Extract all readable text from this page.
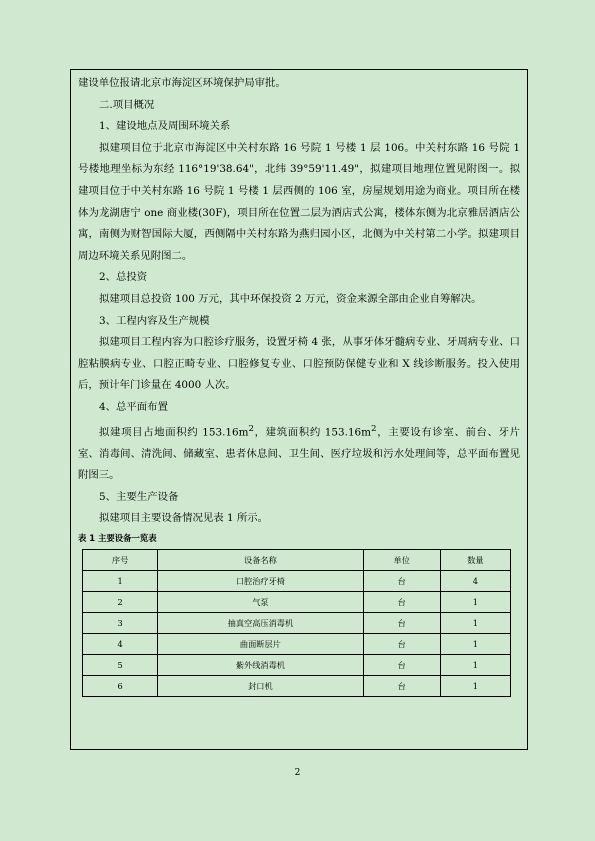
建设单位报请北京市海淀区环境保护局审批。

二.项目概况

1、建设地点及周围环境关系

拟建项目位于北京市海淀区中关村东路 16 号院 1 号楼 1 层 106。中关村东路 16 号院 1 号楼地理坐标为东经 116°19'38.64"，北纬 39°59'11.49"，拟建项目地理位置见附图一。拟建项目位于中关村东路 16 号院 1 号楼 1 层西侧的 106 室，房屋规划用途为商业。项目所在楼体为龙湖唐宁 one 商业楼(30F)，项目所在位置二层为酒店式公寓，楼体东侧为北京雅居酒店公寓，南侧为财智国际大厦，西侧隔中关村东路为燕归园小区，北侧为中关村第二小学。拟建项目周边环境关系见附图二。

2、总投资

拟建项目总投资 100 万元，其中环保投资 2 万元，资金来源全部由企业自筹解决。

3、工程内容及生产规模

拟建项目工程内容为口腔诊疗服务，设置牙椅 4 张，从事牙体牙髓病专业、牙周病专业、口腔粘膜病专业、口腔正畸专业、口腔修复专业、口腔预防保健专业和 X 线诊断服务。投入使用后，预计年门诊量在 4000 人次。

4、总平面布置

拟建项目占地面积约 $153.16m^2$，建筑面积约 $153.16m^2$，主要设有诊室、前台、牙片室、消毒间、清洗间、储藏室、患者休息间、卫生间、医疗垃圾和污水处理间等，总平面布置见附图三。

5、主要生产设备

拟建项目主要设备情况见表 1 所示。

表 1 主要设备一览表

序号	设备名称	单位	数量
1	口腔治疗牙椅	台	4
2	气泵	台	1
3	抽真空高压消毒机	台	1
4	曲面断层片	台	1
5	紫外线消毒机	台	1
6	封口机	台	1
2
